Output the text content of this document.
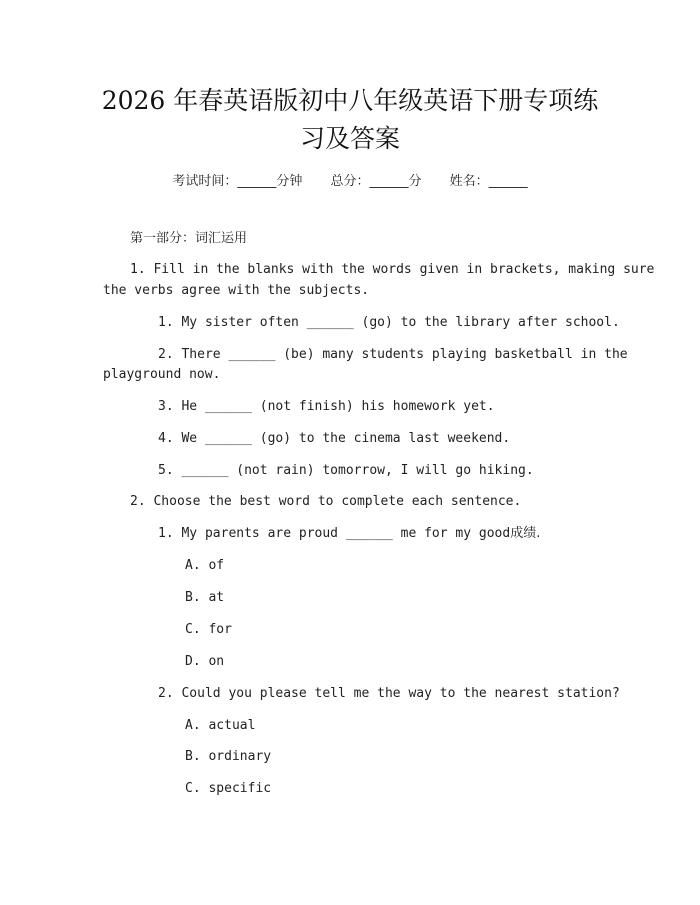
2026 年春英语版初中八年级英语下册专项练
习及答案
考试时间：______分钟 总分：______分 姓名：______
第一部分：词汇运用
1. Fill in the blanks with the words given in brackets, making sure
the verbs agree with the subjects.
1. My sister often ______ (go) to the library after school.
2. There ______ (be) many students playing basketball in the
playground now.
3. He ______ (not finish) his homework yet.
4. We ______ (go) to the cinema last weekend.
5. ______ (not rain) tomorrow, I will go hiking.
2. Choose the best word to complete each sentence.
1. My parents are proud ______ me for my good成绩.
A. of
B. at
C. for
D. on
2. Could you please tell me the way to the nearest station?
A. actual
B. ordinary
C. specific
